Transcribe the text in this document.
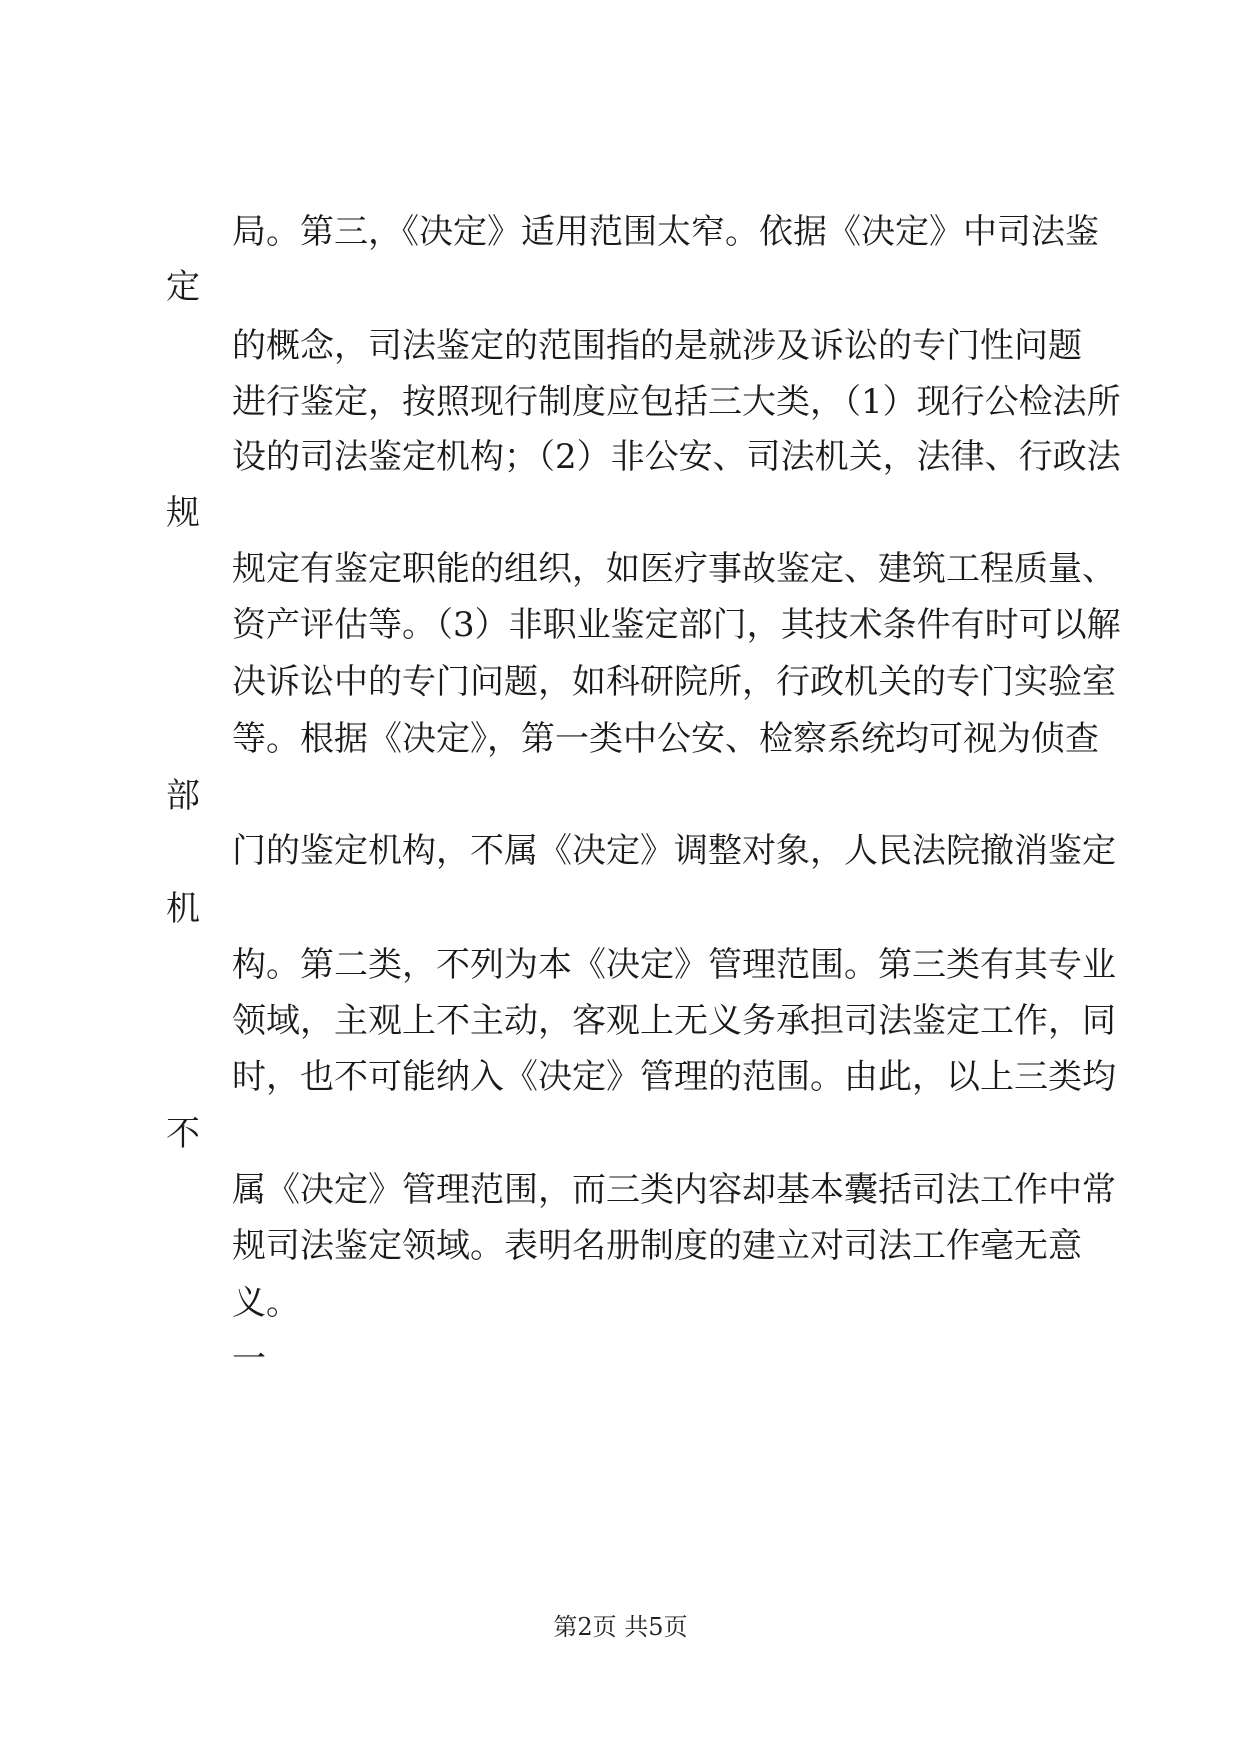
局。第三，《决定》适用范围太窄。依据《决定》中司法鉴
定
的概念，司法鉴定的范围指的是就涉及诉讼的专门性问题
进行鉴定，按照现行制度应包括三大类，（1）现行公检法所
设的司法鉴定机构；（2）非公安、司法机关，法律、行政法
规
规定有鉴定职能的组织，如医疗事故鉴定、建筑工程质量、
资产评估等。（3）非职业鉴定部门，其技术条件有时可以解
决诉讼中的专门问题，如科研院所，行政机关的专门实验室
等。根据《决定》，第一类中公安、检察系统均可视为侦查
部
门的鉴定机构，不属《决定》调整对象，人民法院撤消鉴定
机
构。第二类，不列为本《决定》管理范围。第三类有其专业
领域，主观上不主动，客观上无义务承担司法鉴定工作，同
时，也不可能纳入《决定》管理的范围。由此，以上三类均
不
属《决定》管理范围，而三类内容却基本囊括司法工作中常
规司法鉴定领域。表明名册制度的建立对司法工作毫无意
义。
一
第2页 共5页
